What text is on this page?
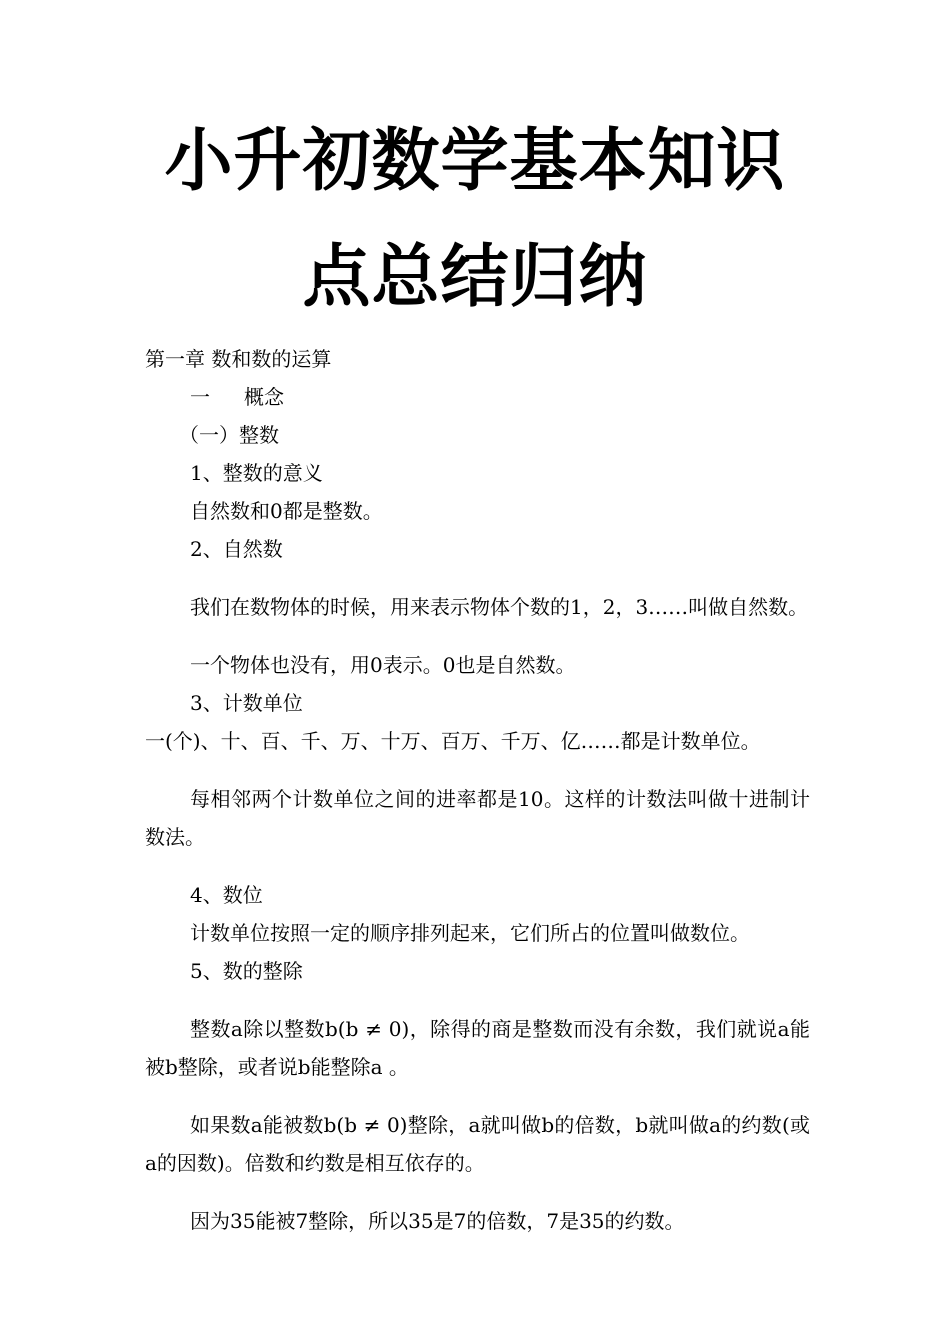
小升初数学基本知识
点总结归纳

第一章 数和数的运算

一 概念

（一）整数

1、整数的意义

自然数和0都是整数。

2、自然数

我们在数物体的时候，用来表示物体个数的1，2，3……叫做自然数。

一个物体也没有，用0表示。0也是自然数。

3、计数单位

一(个)、十、百、千、万、十万、百万、千万、亿……都是计数单位。

每相邻两个计数单位之间的进率都是10。这样的计数法叫做十进制计数法。

4、数位

计数单位按照一定的顺序排列起来，它们所占的位置叫做数位。

5、数的整除

整数a除以整数b(b ≠ 0)，除得的商是整数而没有余数，我们就说a能被b整除，或者说b能整除a 。

如果数a能被数b(b ≠ 0)整除，a就叫做b的倍数，b就叫做a的约数(或a的因数)。倍数和约数是相互依存的。

因为35能被7整除，所以35是7的倍数，7是35的约数。
